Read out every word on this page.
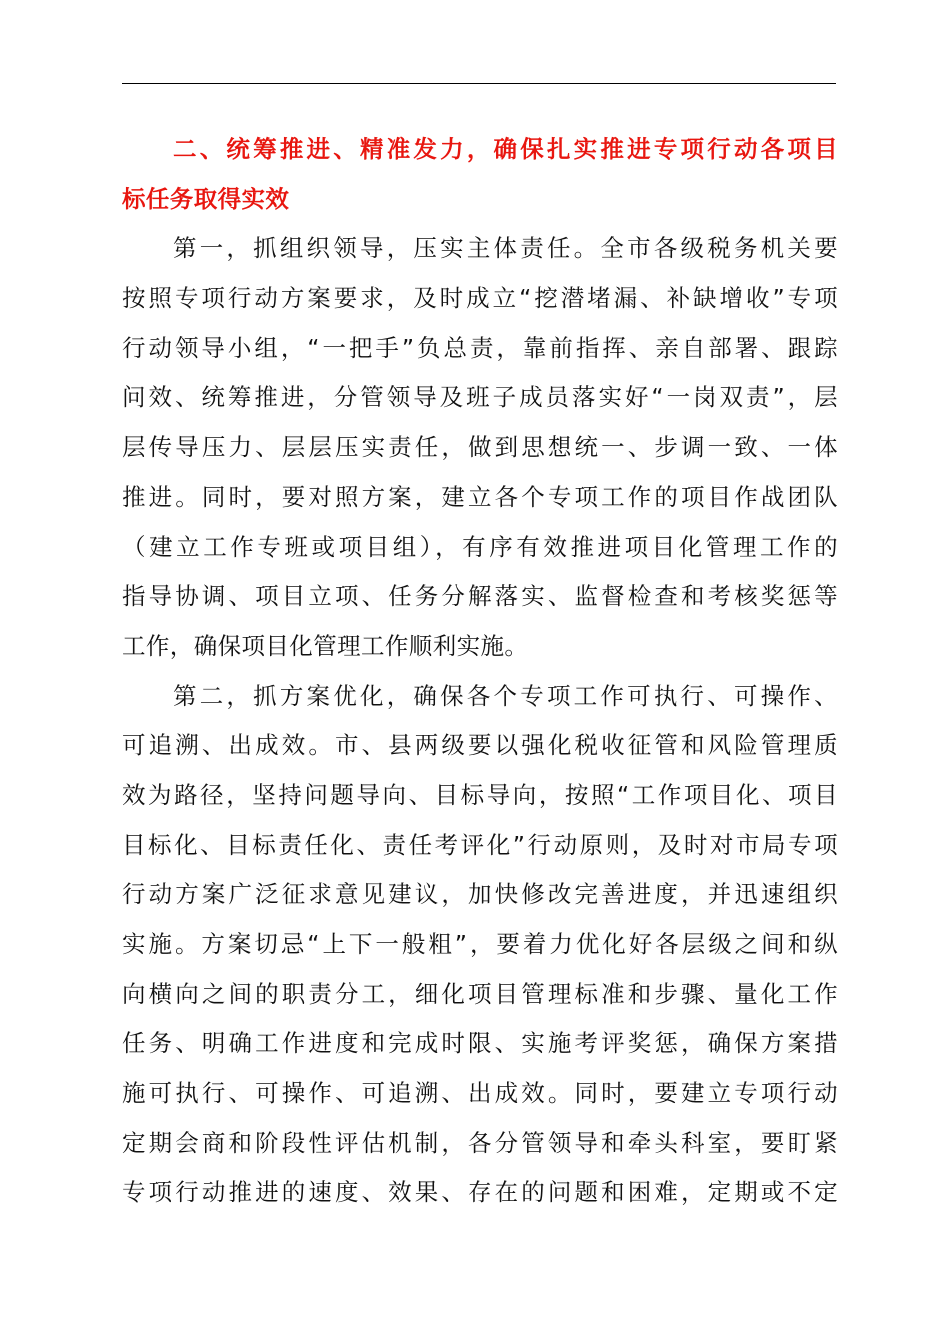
二、统筹推进、精准发力，确保扎实推进专项行动各项目
标任务取得实效
第一，抓组织领导，压实主体责任。全市各级税务机关要
按照专项行动方案要求，及时成立“挖潜堵漏、补缺增收”专项
行动领导小组，“一把手”负总责，靠前指挥、亲自部署、跟踪
问效、统筹推进，分管领导及班子成员落实好“一岗双责”，层
层传导压力、层层压实责任，做到思想统一、步调一致、一体
推进。同时，要对照方案，建立各个专项工作的项目作战团队
（建立工作专班或项目组），有序有效推进项目化管理工作的
指导协调、项目立项、任务分解落实、监督检查和考核奖惩等
工作，确保项目化管理工作顺利实施。
第二，抓方案优化，确保各个专项工作可执行、可操作、
可追溯、出成效。市、县两级要以强化税收征管和风险管理质
效为路径，坚持问题导向、目标导向，按照“工作项目化、项目
目标化、目标责任化、责任考评化”行动原则，及时对市局专项
行动方案广泛征求意见建议，加快修改完善进度，并迅速组织
实施。方案切忌“上下一般粗”，要着力优化好各层级之间和纵
向横向之间的职责分工，细化项目管理标准和步骤、量化工作
任务、明确工作进度和完成时限、实施考评奖惩，确保方案措
施可执行、可操作、可追溯、出成效。同时，要建立专项行动
定期会商和阶段性评估机制，各分管领导和牵头科室，要盯紧
专项行动推进的速度、效果、存在的问题和困难，定期或不定
